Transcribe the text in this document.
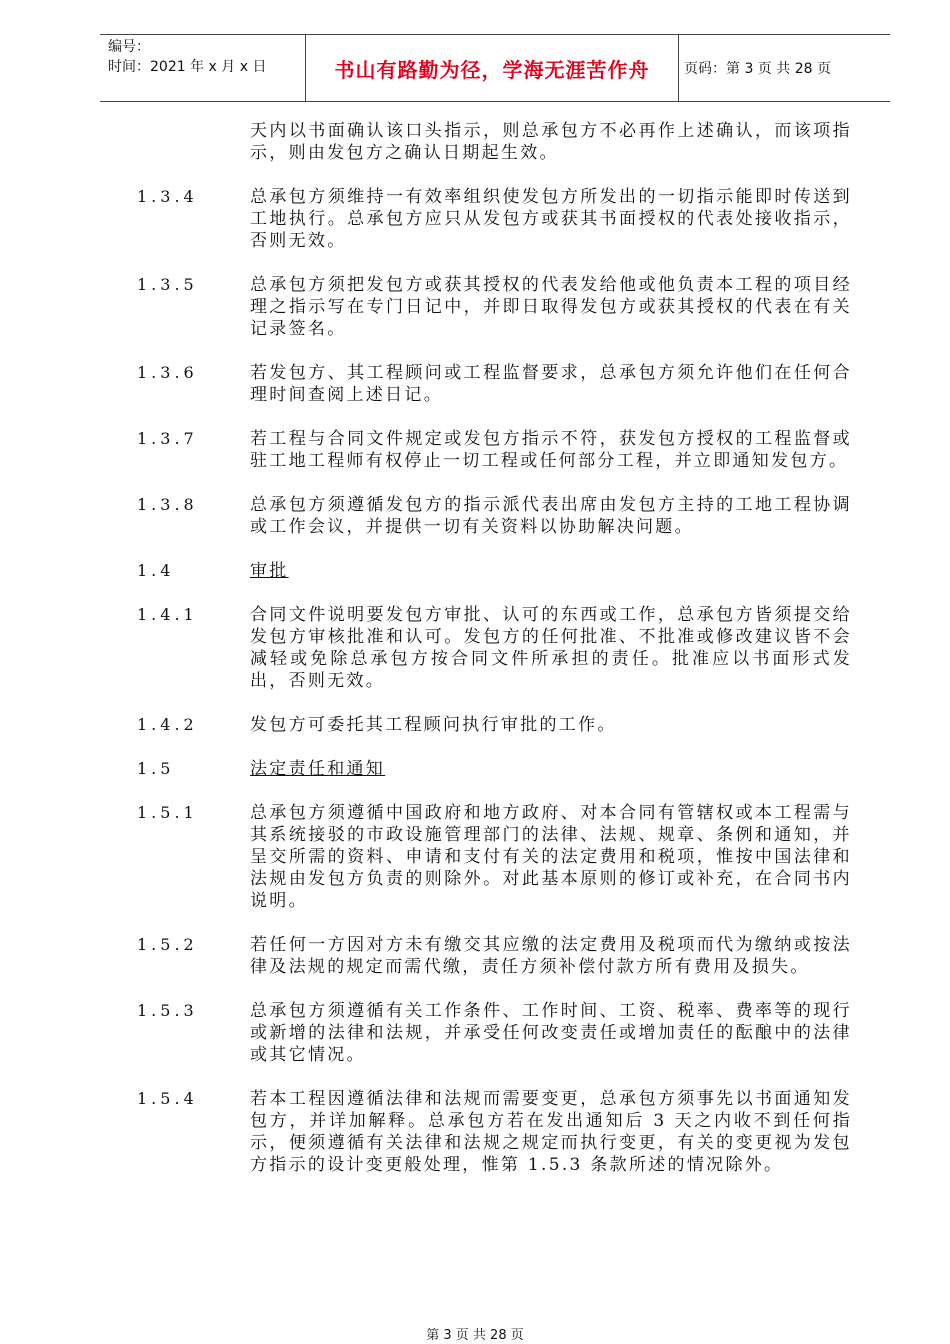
编号：
时间：2021 年 x 月 x 日	书山有路勤为径，学海无涯苦作舟	页码：第 3 页 共 28 页
天内以书面确认该口头指示，则总承包方不必再作上述确认，而该项指示，则由发包方之确认日期起生效。
1.3.4	总承包方须维持一有效率组织使发包方所发出的一切指示能即时传送到工地执行。总承包方应只从发包方或获其书面授权的代表处接收指示，否则无效。
1.3.5	总承包方须把发包方或获其授权的代表发给他或他负责本工程的项目经理之指示写在专门日记中，并即日取得发包方或获其授权的代表在有关记录签名。
1.3.6	若发包方、其工程顾问或工程监督要求，总承包方须允许他们在任何合理时间查阅上述日记。
1.3.7	若工程与合同文件规定或发包方指示不符，获发包方授权的工程监督或驻工地工程师有权停止一切工程或任何部分工程，并立即通知发包方。
1.3.8	总承包方须遵循发包方的指示派代表出席由发包方主持的工地工程协调或工作会议，并提供一切有关资料以协助解决问题。
1.4	审批
1.4.1	合同文件说明要发包方审批、认可的东西或工作，总承包方皆须提交给发包方审核批准和认可。发包方的任何批准、不批准或修改建议皆不会减轻或免除总承包方按合同文件所承担的责任。批准应以书面形式发出，否则无效。
1.4.2	发包方可委托其工程顾问执行审批的工作。
1.5	法定责任和通知
1.5.1	总承包方须遵循中国政府和地方政府、对本合同有管辖权或本工程需与其系统接驳的市政设施管理部门的法律、法规、规章、条例和通知，并呈交所需的资料、申请和支付有关的法定费用和税项，惟按中国法律和法规由发包方负责的则除外。对此基本原则的修订或补充，在合同书内说明。
1.5.2	若任何一方因对方未有缴交其应缴的法定费用及税项而代为缴纳或按法律及法规的规定而需代缴，责任方须补偿付款方所有费用及损失。
1.5.3	总承包方须遵循有关工作条件、工作时间、工资、税率、费率等的现行或新增的法律和法规，并承受任何改变责任或增加责任的酝酿中的法律或其它情况。
1.5.4	若本工程因遵循法律和法规而需要变更，总承包方须事先以书面通知发包方，并详加解释。总承包方若在发出通知后 3 天之内收不到任何指示，便须遵循有关法律和法规之规定而执行变更，有关的变更视为发包方指示的设计变更般处理，惟第 1.5.3 条款所述的情况除外。
第 3 页 共 28 页
